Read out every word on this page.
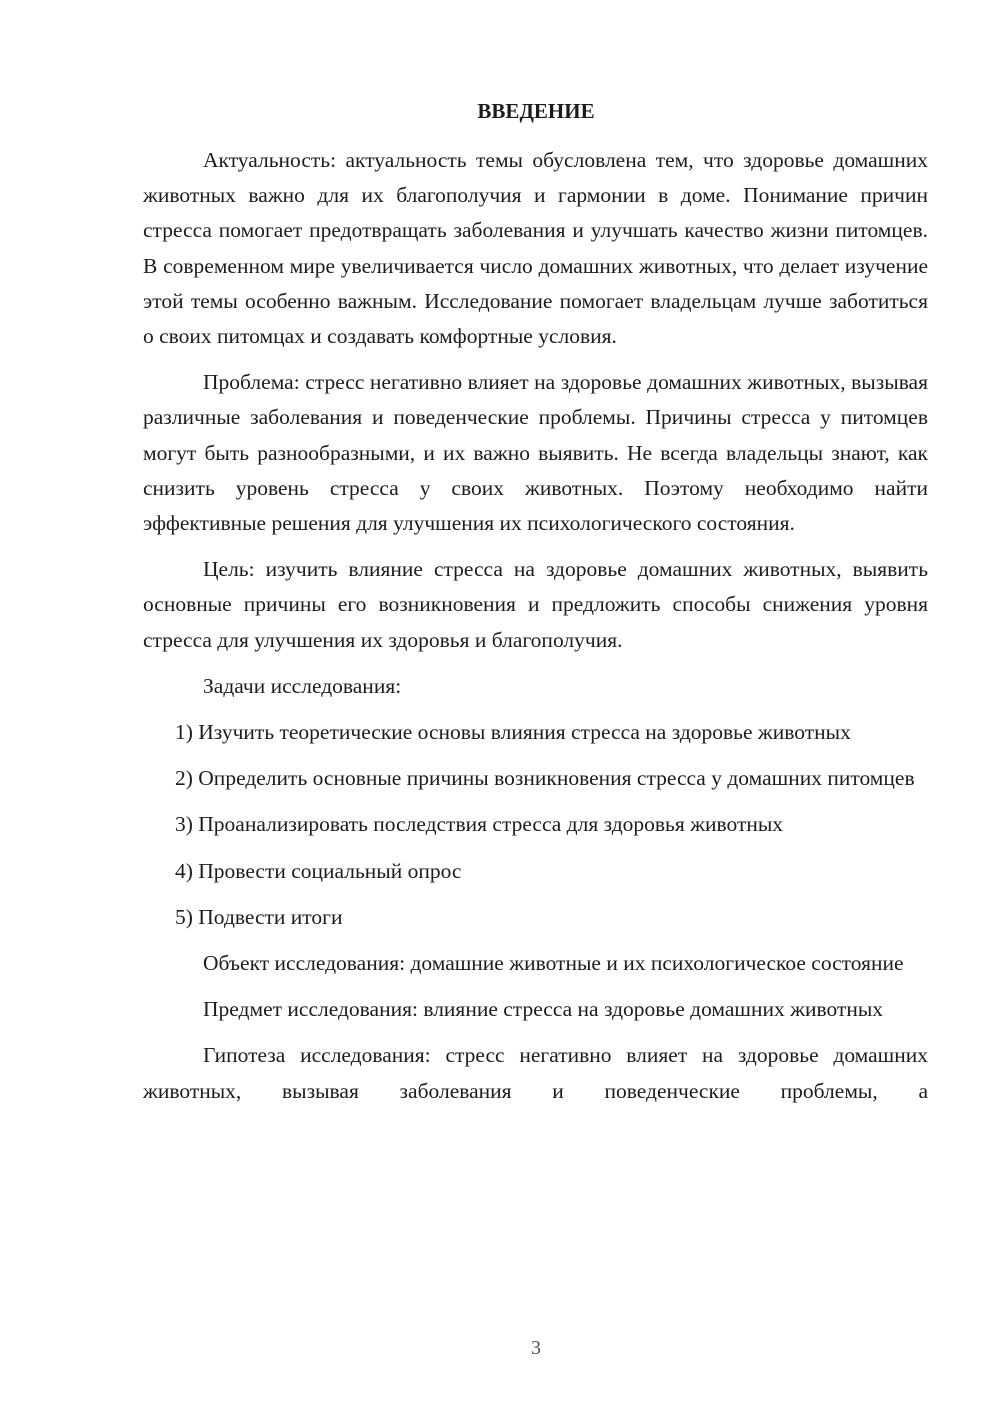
ВВЕДЕНИЕ

Актуальность: актуальность темы обусловлена тем, что здоровье домашних животных важно для их благополучия и гармонии в доме. Понимание причин стресса помогает предотвращать заболевания и улучшать качество жизни питомцев. В современном мире увеличивается число домашних животных, что делает изучение этой темы особенно важным. Исследование помогает владельцам лучше заботиться о своих питомцах и создавать комфортные условия.

Проблема: стресс негативно влияет на здоровье домашних животных, вызывая различные заболевания и поведенческие проблемы. Причины стресса у питомцев могут быть разнообразными, и их важно выявить. Не всегда владельцы знают, как снизить уровень стресса у своих животных. Поэтому необходимо найти эффективные решения для улучшения их психологического состояния.

Цель: изучить влияние стресса на здоровье домашних животных, выявить основные причины его возникновения и предложить способы снижения уровня стресса для улучшения их здоровья и благополучия.

Задачи исследования:

1) Изучить теоретические основы влияния стресса на здоровье животных

2) Определить основные причины возникновения стресса у домашних питомцев

3) Проанализировать последствия стресса для здоровья животных

4) Провести социальный опрос

5) Подвести итоги

Объект исследования: домашние животные и их психологическое состояние

Предмет исследования: влияние стресса на здоровье домашних животных

Гипотеза исследования: стресс негативно влияет на здоровье домашних животных, вызывая заболевания и поведенческие проблемы, а

3
